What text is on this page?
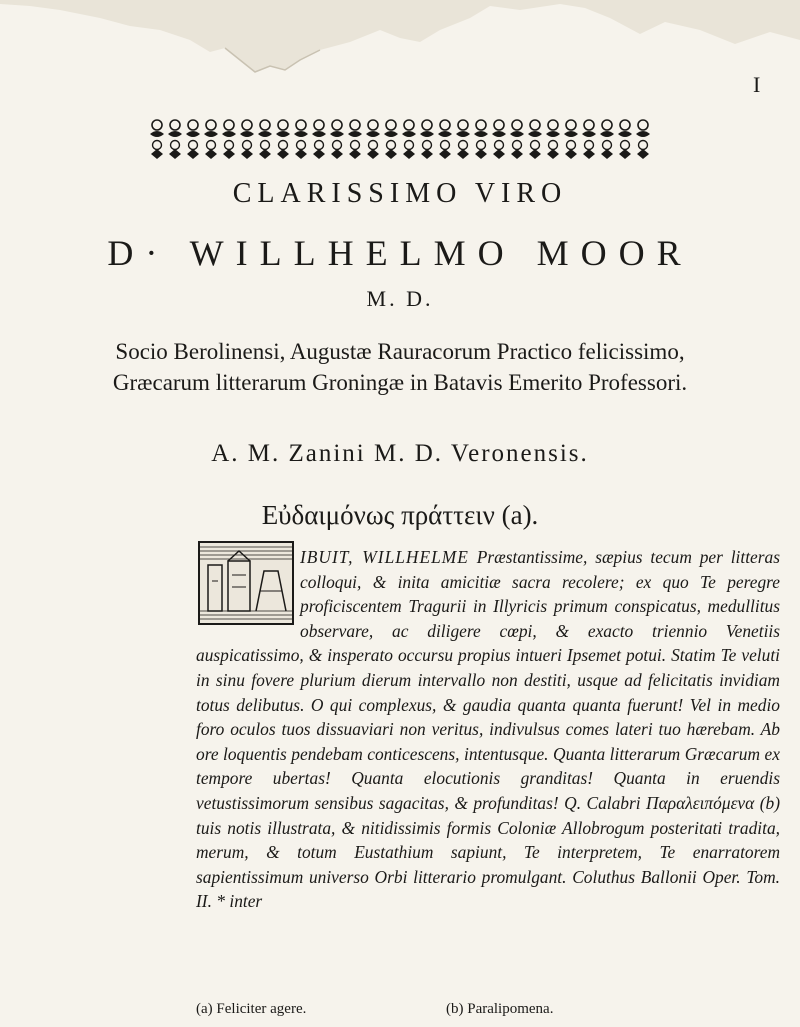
I
CLARISSIMO VIRO
D· WILLHELMO MOOR
M. D.
Socio Berolinensi, Augustæ Rauracorum Practico felicissimo, Græcarum litterarum Groningæ in Batavis Emerito Professori.
A. M. Zanini M. D. Veronensis.
Εὐδαιμόνως πράττειν (a).
IBUIT, WILLHELME Præstantissime, sæpius tecum per litteras colloqui, & inita amicitiæ sacra recolere; ex quo Te peregre proficiscentem Tragurii in Illyricis primum conspicatus, medullitus observare, ac diligere cœpi, & exacto triennio Venetiis auspicatissimo, & insperato occursu propius intueri Ipsemet potui. Statim Te veluti in sinu fovere plurium dierum intervallo non destiti, usque ad felicitatis invidiam totus delibutus. O qui complexus, & gaudia quanta quanta fuerunt! Vel in medio foro oculos tuos dissuaviari non veritus, indivulsus comes lateri tuo hærebam. Ab ore loquentis pendebam conticescens, intentusque. Quanta litterarum Græcarum ex tempore ubertas! Quanta elocutionis granditas! Quanta in eruendis vetustissimorum sensibus sagacitas, & profunditas! Q. Calabri Παραλειπόμενα (b) tuis notis illustrata, & nitidissimis formis Coloniæ Allobrogum posteritati tradita, merum, & totum Eustathium sapiunt, Te interpretem, Te enarratorem sapientissimum universo Orbi litterario promulgant. Coluthus Ballonii Oper. Tom. II. * inter
(a) Feliciter agere.	(b) Paralipomena.
